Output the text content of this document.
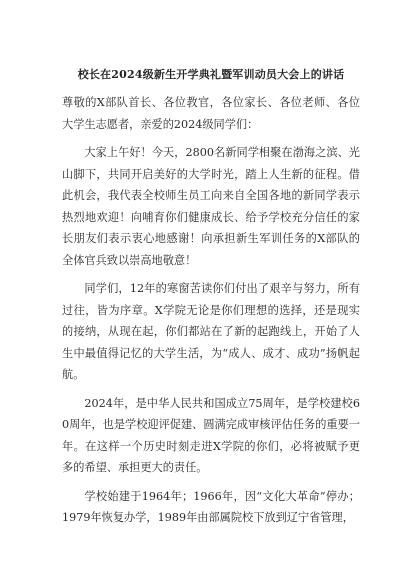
校长在2024级新生开学典礼暨军训动员大会上的讲话

尊敬的X部队首长、各位教官，各位家长、各位老师、各位大学生志愿者，亲爱的2024级同学们：

大家上午好！今天，2800名新同学相聚在渤海之滨、光山脚下，共同开启美好的大学时光，踏上人生新的征程。借此机会，我代表全校师生员工向来自全国各地的新同学表示热烈地欢迎！向哺育你们健康成长、给予学校充分信任的家长朋友们表示衷心地感谢！向承担新生军训任务的X部队的全体官兵致以崇高地敬意！

同学们，12年的寒窗苦读你们付出了艰辛与努力，所有过往，皆为序章。X学院无论是你们理想的选择，还是现实的接纳，从现在起，你们都站在了新的起跑线上，开始了人生中最值得记忆的大学生活，为“成人、成才、成功”扬帆起航。

2024年，是中华人民共和国成立75周年，是学校建校60周年，也是学校迎评促建、圆满完成审核评估任务的重要一年。在这样一个历史时刻走进X学院的你们，必将被赋予更多的希望、承担更大的责任。

学校始建于1964年；1966年，因“文化大革命”停办；1979年恢复办学，1989年由部属院校下放到辽宁省管理，
